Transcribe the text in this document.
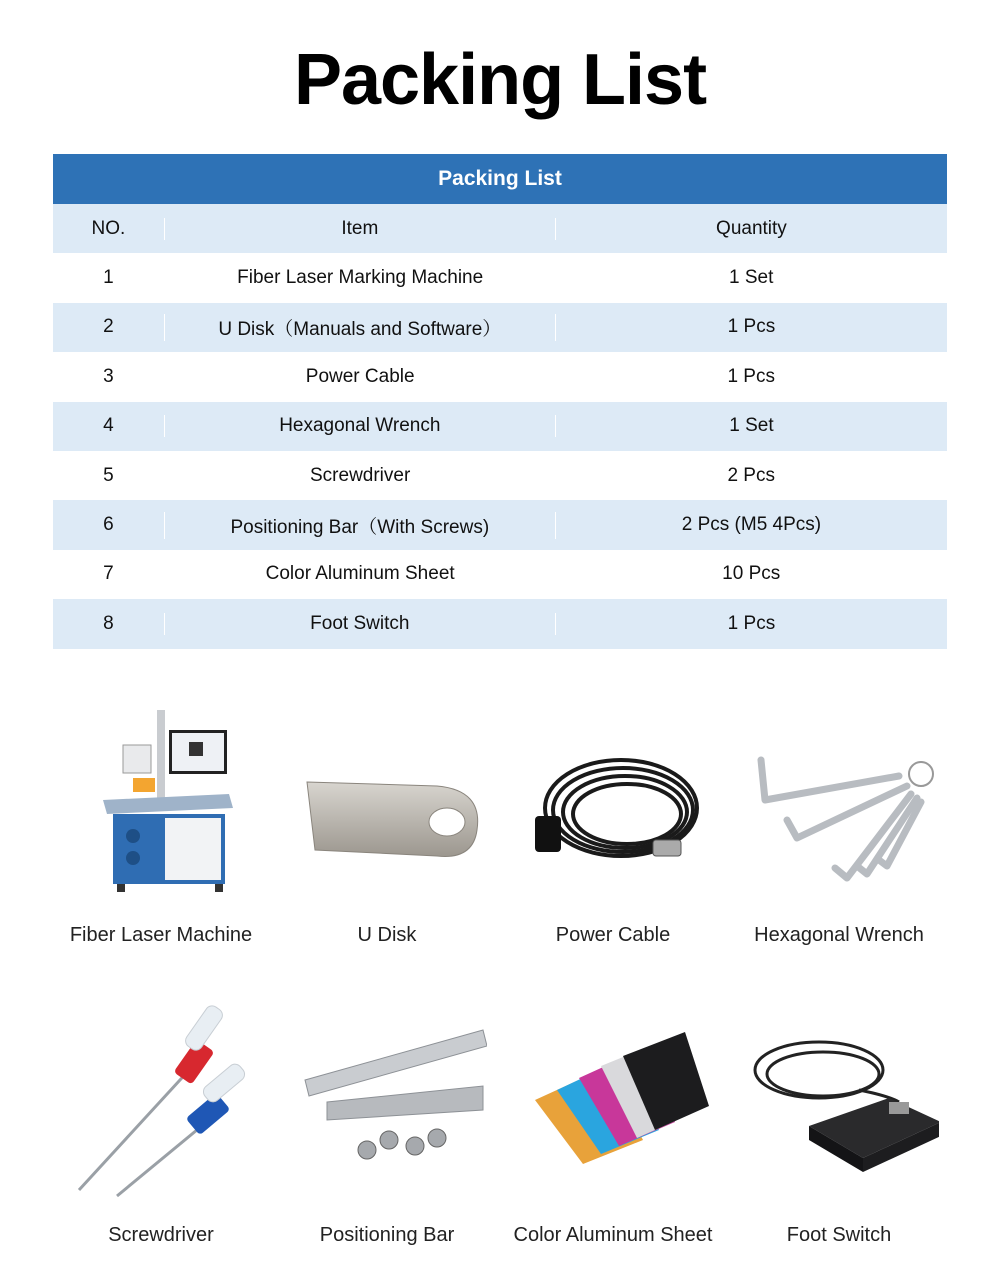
Packing List
Packing List
NO.	Item	Quantity
1	Fiber Laser Marking Machine	1 Set
2	U Disk（Manuals and Software）	1 Pcs
3	Power Cable	1 Pcs
4	Hexagonal Wrench	1 Set
5	Screwdriver	2 Pcs
6	Positioning Bar（With Screws)	2 Pcs (M5 4Pcs)
7	Color Aluminum Sheet	10 Pcs
8	Foot Switch	1 Pcs
Fiber Laser Machine	U Disk	Power Cable	Hexagonal Wrench
Screwdriver	Positioning Bar	Color Aluminum Sheet	Foot Switch
